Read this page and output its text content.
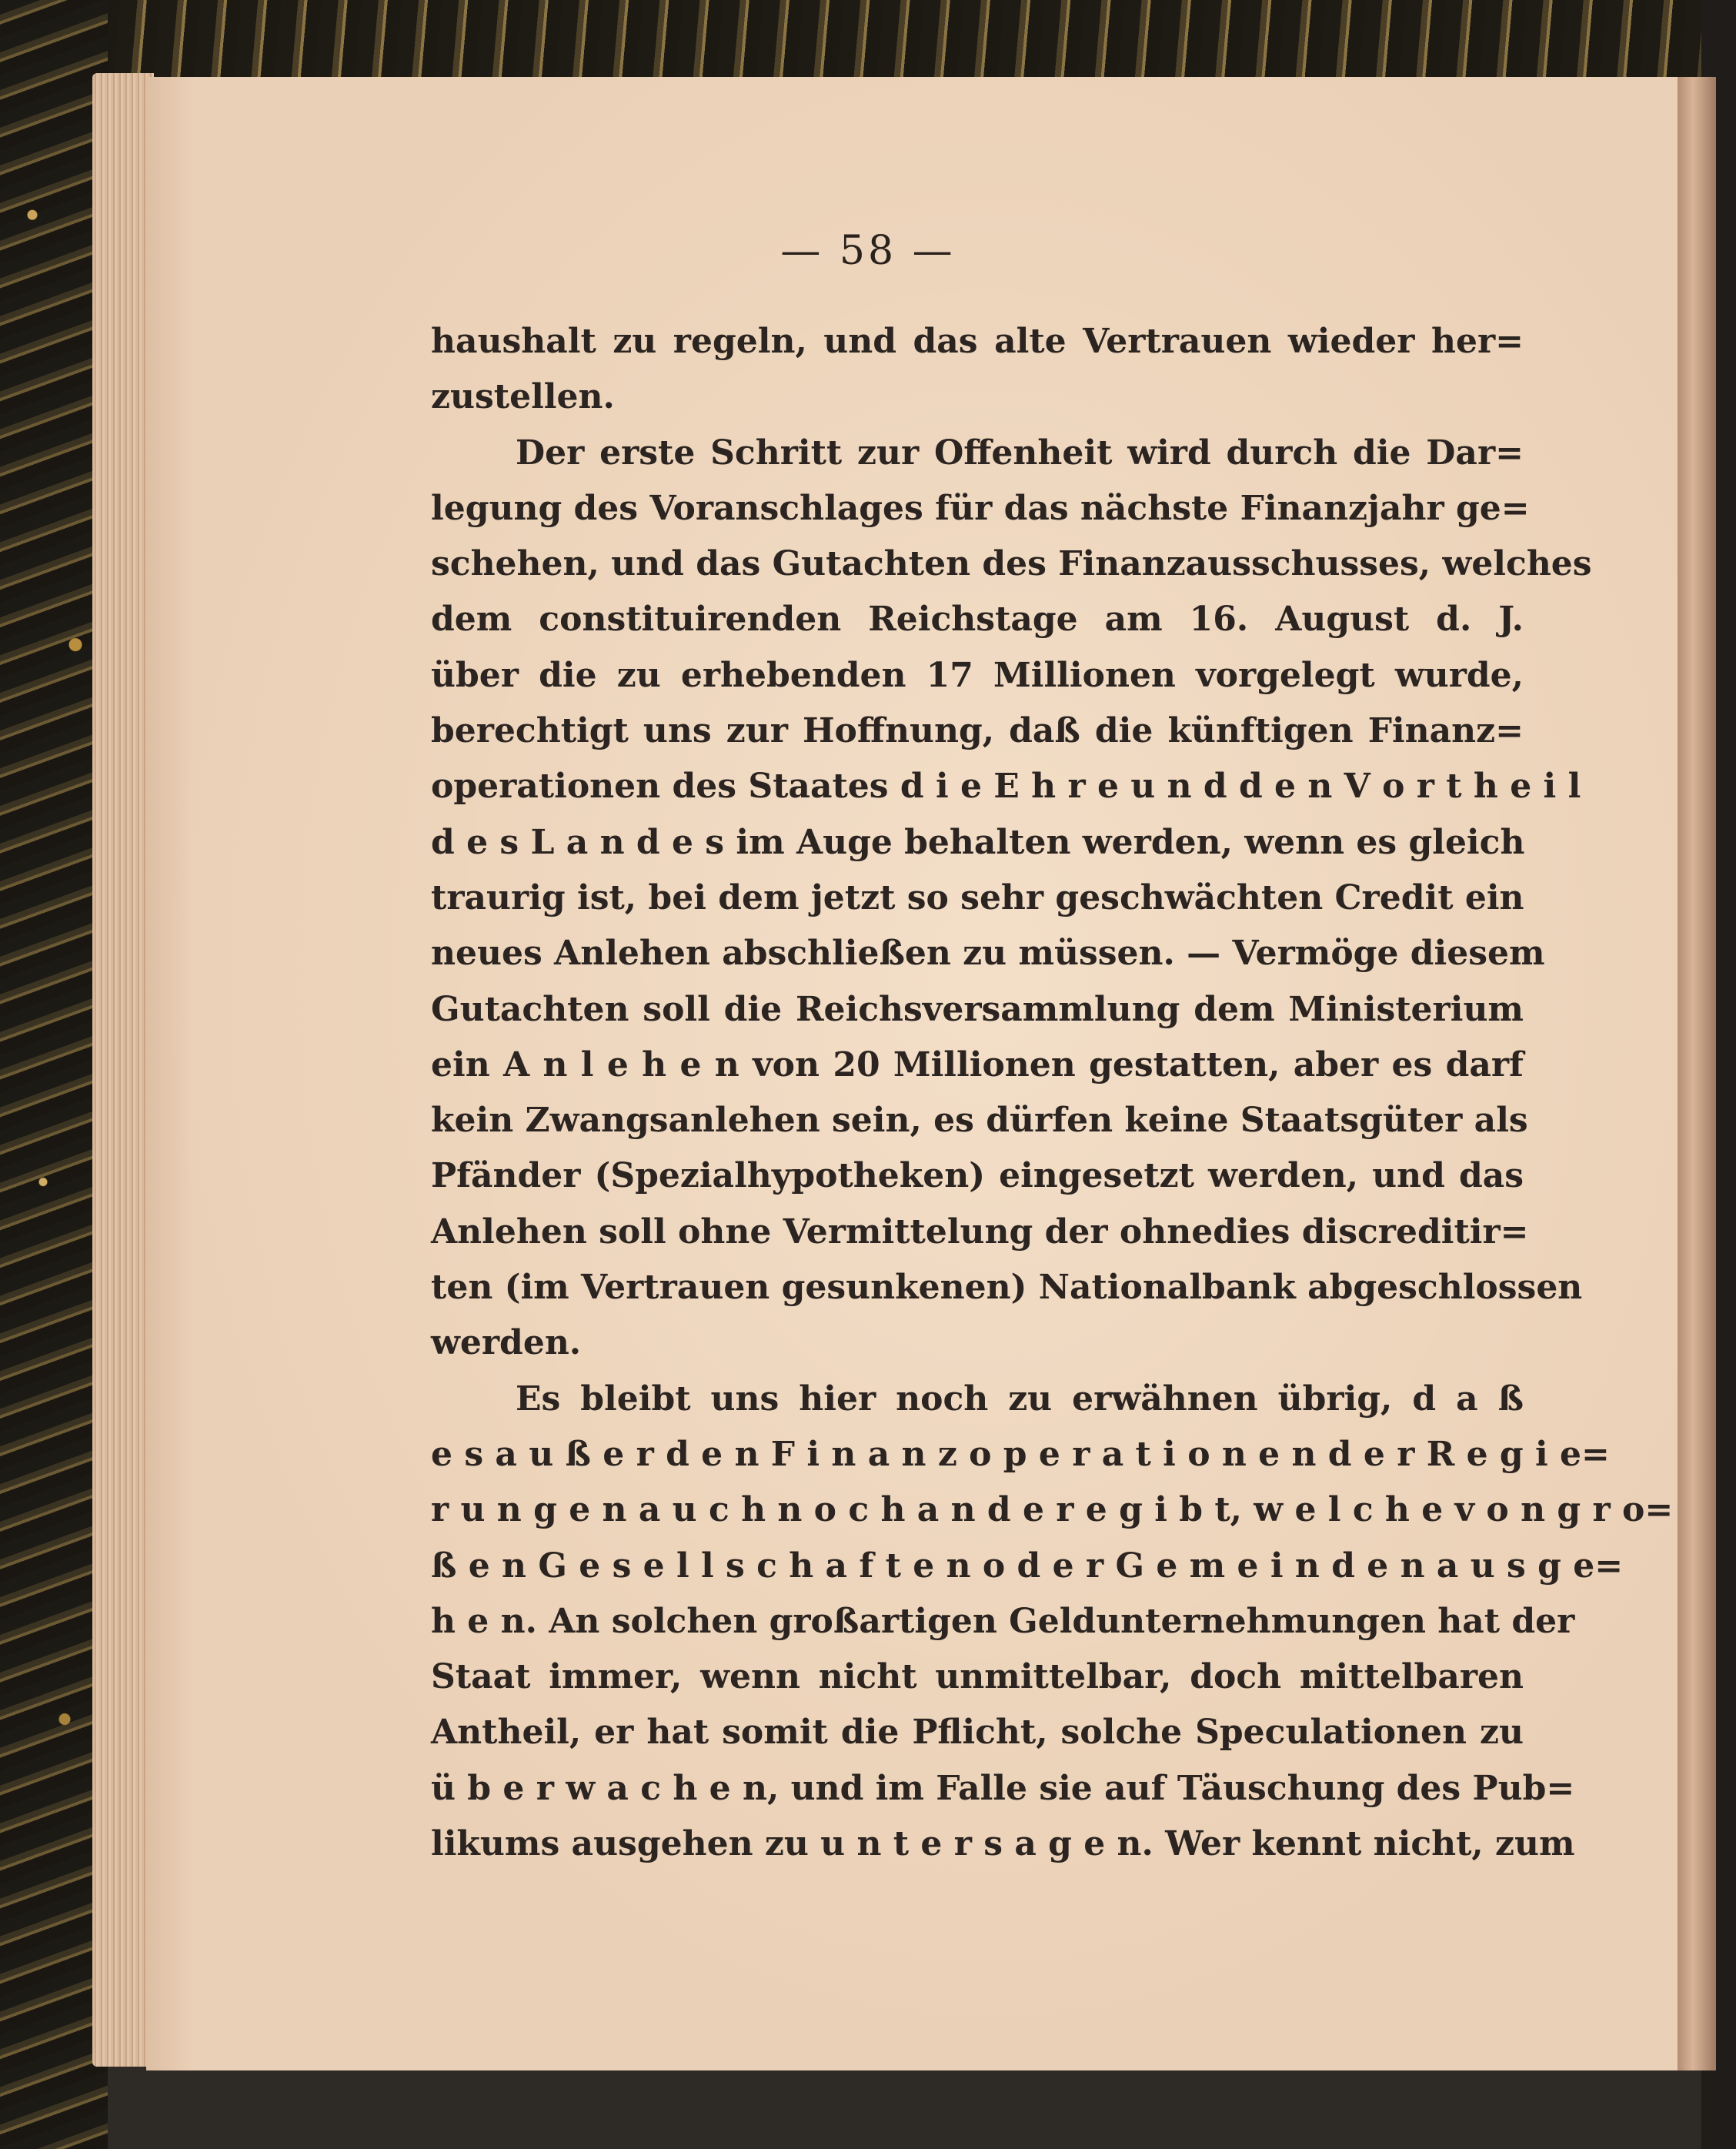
— 58 —

haushalt zu regeln, und das alte Vertrauen wieder her=
zustellen.
Der erste Schritt zur Offenheit wird durch die Dar=
legung des Voranschlages für das nächste Finanzjahr ge=
schehen, und das Gutachten des Finanzausschusses, welches
dem constituirenden Reichstage am 16. August d. J.
über die zu erhebenden 17 Millionen vorgelegt wurde,
berechtigt uns zur Hoffnung, daß die künftigen Finanz=
operationen des Staates d i e E h r e u n d d e n V o r t h e i l
d e s L a n d e s im Auge behalten werden, wenn es gleich
traurig ist, bei dem jetzt so sehr geschwächten Credit ein
neues Anlehen abschließen zu müssen. — Vermöge diesem
Gutachten soll die Reichsversammlung dem Ministerium
ein A n l e h e n von 20 Millionen gestatten, aber es darf
kein Zwangsanlehen sein, es dürfen keine Staatsgüter als
Pfänder (Spezialhypotheken) eingesetzt werden, und das
Anlehen soll ohne Vermittelung der ohnedies discreditir=
ten (im Vertrauen gesunkenen) Nationalbank abgeschlossen
werden.
Es bleibt uns hier noch zu erwähnen übrig, d a ß
e s a u ß e r d e n F i n a n z o p e r a t i o n e n d e r R e g i e=
r u n g e n a u c h n o c h a n d e r e g i b t, w e l c h e v o n g r o=
ß e n G e s e l l s c h a f t e n o d e r G e m e i n d e n a u s g e=
h e n. An solchen großartigen Geldunternehmungen hat der
Staat immer, wenn nicht unmittelbar, doch mittelbaren
Antheil, er hat somit die Pflicht, solche Speculationen zu
ü b e r w a c h e n, und im Falle sie auf Täuschung des Pub=
likums ausgehen zu u n t e r s a g e n. Wer kennt nicht, zum
